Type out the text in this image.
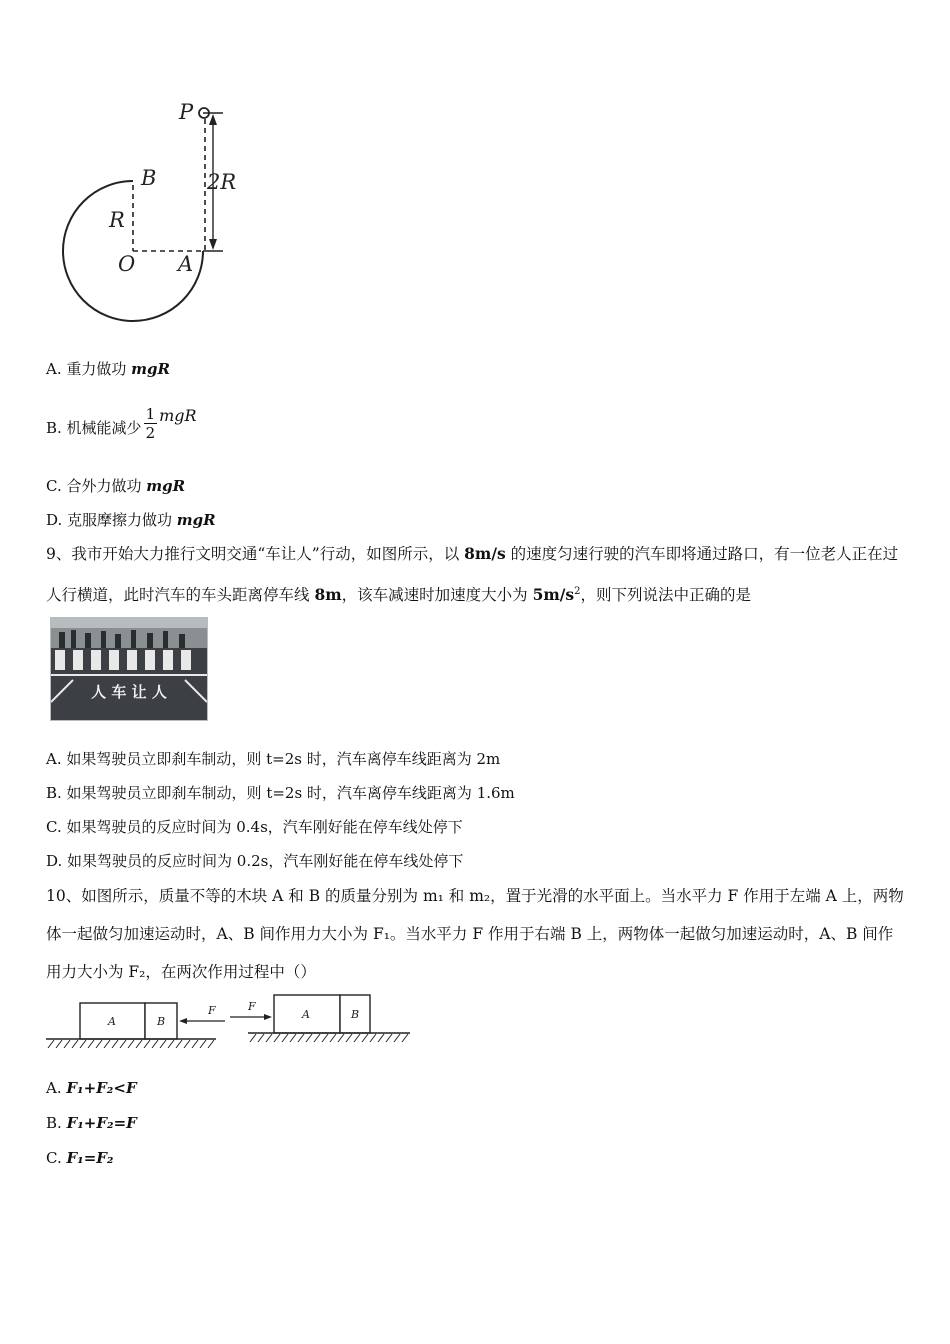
P
B
R
O A
2R
A. 重力做功 mgR
B. 机械能减少 $\frac{1}{2}$ mgR
C. 合外力做功 mgR
D. 克服摩擦力做功 mgR
9、我市开始大力推行文明交通“车让人”行动，如图所示，以 8m/s 的速度匀速行驶的汽车即将通过路口，有一位老人正在过人行横道，此时汽车的车头距离停车线 8m，该车减速时加速度大小为 $5m/s^2$，则下列说法中正确的是
人 车 让 人
A. 如果驾驶员立即刹车制动，则 t=2s 时，汽车离停车线距离为 2m
B. 如果驾驶员立即刹车制动，则 t=2s 时，汽车离停车线距离为 1.6m
C. 如果驾驶员的反应时间为 0.4s，汽车刚好能在停车线处停下
D. 如果驾驶员的反应时间为 0.2s，汽车刚好能在停车线处停下
10、如图所示，质量不等的木块 A 和 B 的质量分别为 m₁ 和 m₂，置于光滑的水平面上。当水平力 F 作用于左端 A 上，两物体一起做匀加速运动时，A、B 间作用力大小为 F₁。当水平力 F 作用于右端 B 上，两物体一起做匀加速运动时，A、B 间作用力大小为 F₂，在两次作用过程中（）
A	B
F	F
A	B
A. F₁+F₂<F
B. F₁+F₂=F
C. F₁=F₂
